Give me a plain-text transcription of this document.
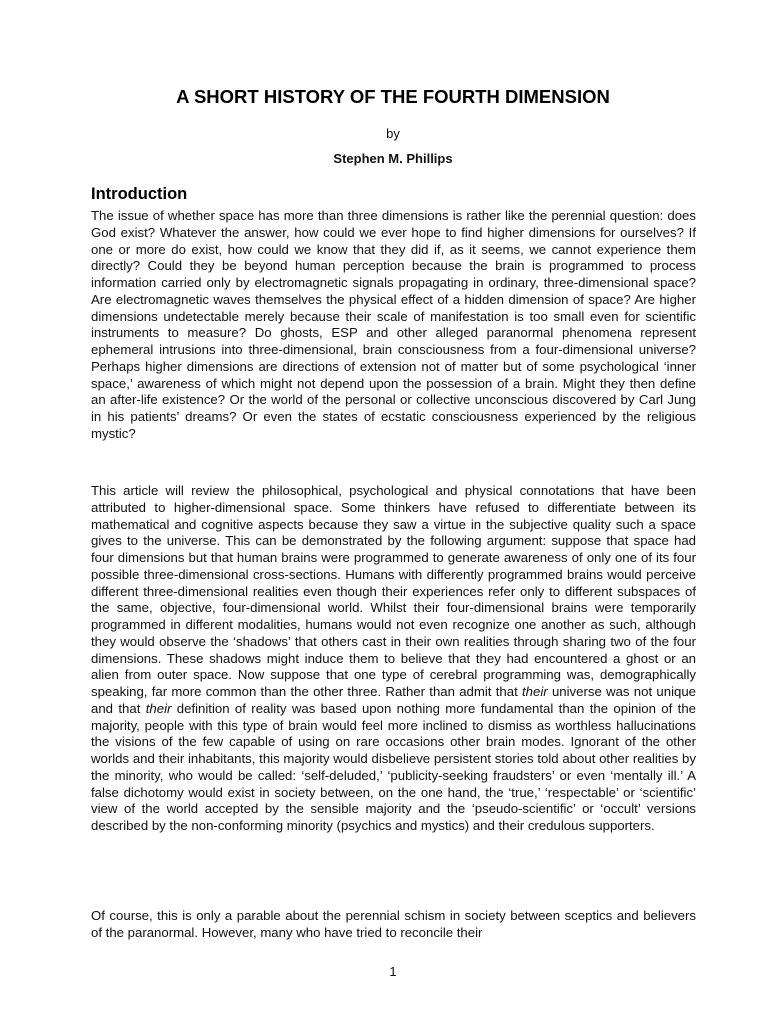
A SHORT HISTORY OF THE FOURTH DIMENSION
by
Stephen M. Phillips
Introduction

The issue of whether space has more than three dimensions is rather like the perennial question: does God exist? Whatever the answer, how could we ever hope to find higher dimensions for ourselves? If one or more do exist, how could we know that they did if, as it seems, we cannot experience them directly? Could they be beyond human perception because the brain is programmed to process information carried only by electromagnetic signals propagating in ordinary, three-dimensional space? Are electromagnetic waves themselves the physical effect of a hidden dimension of space? Are higher dimensions undetectable merely because their scale of manifestation is too small even for scientific instruments to measure? Do ghosts, ESP and other alleged paranormal phenomena represent ephemeral intrusions into three-dimensional, brain consciousness from a four-dimensional universe? Perhaps higher dimensions are directions of extension not of matter but of some psychological ‘inner space,’ awareness of which might not depend upon the possession of a brain. Might they then define an after-life existence? Or the world of the personal or collective unconscious discovered by Carl Jung in his patients’ dreams? Or even the states of ecstatic consciousness experienced by the religious mystic?

This article will review the philosophical, psychological and physical connotations that have been attributed to higher-dimensional space. Some thinkers have refused to differentiate between its mathematical and cognitive aspects because they saw a virtue in the subjective quality such a space gives to the universe. This can be demonstrated by the following argument: suppose that space had four dimensions but that human brains were programmed to generate awareness of only one of its four possible three-dimensional cross-sections. Humans with differently programmed brains would perceive different three-dimensional realities even though their experiences refer only to different subspaces of the same, objective, four-dimensional world. Whilst their four-dimensional brains were temporarily programmed in different modalities, humans would not even recognize one another as such, although they would observe the ‘shadows’ that others cast in their own realities through sharing two of the four dimensions. These shadows might induce them to believe that they had encountered a ghost or an alien from outer space. Now suppose that one type of cerebral programming was, demographically speaking, far more common than the other three. Rather than admit that their universe was not unique and that their definition of reality was based upon nothing more fundamental than the opinion of the majority, people with this type of brain would feel more inclined to dismiss as worthless hallucinations the visions of the few capable of using on rare occasions other brain modes. Ignorant of the other worlds and their inhabitants, this majority would disbelieve persistent stories told about other realities by the minority, who would be called: ‘self-deluded,’ ‘publicity-seeking fraudsters’ or even ‘mentally ill.’ A false dichotomy would exist in society between, on the one hand, the ‘true,’ ‘respectable’ or ‘scientific’ view of the world accepted by the sensible majority and the ‘pseudo-scientific’ or ‘occult’ versions described by the non-conforming minority (psychics and mystics) and their credulous supporters.

Of course, this is only a parable about the perennial schism in society between sceptics and believers of the paranormal. However, many who have tried to reconcile their

1
